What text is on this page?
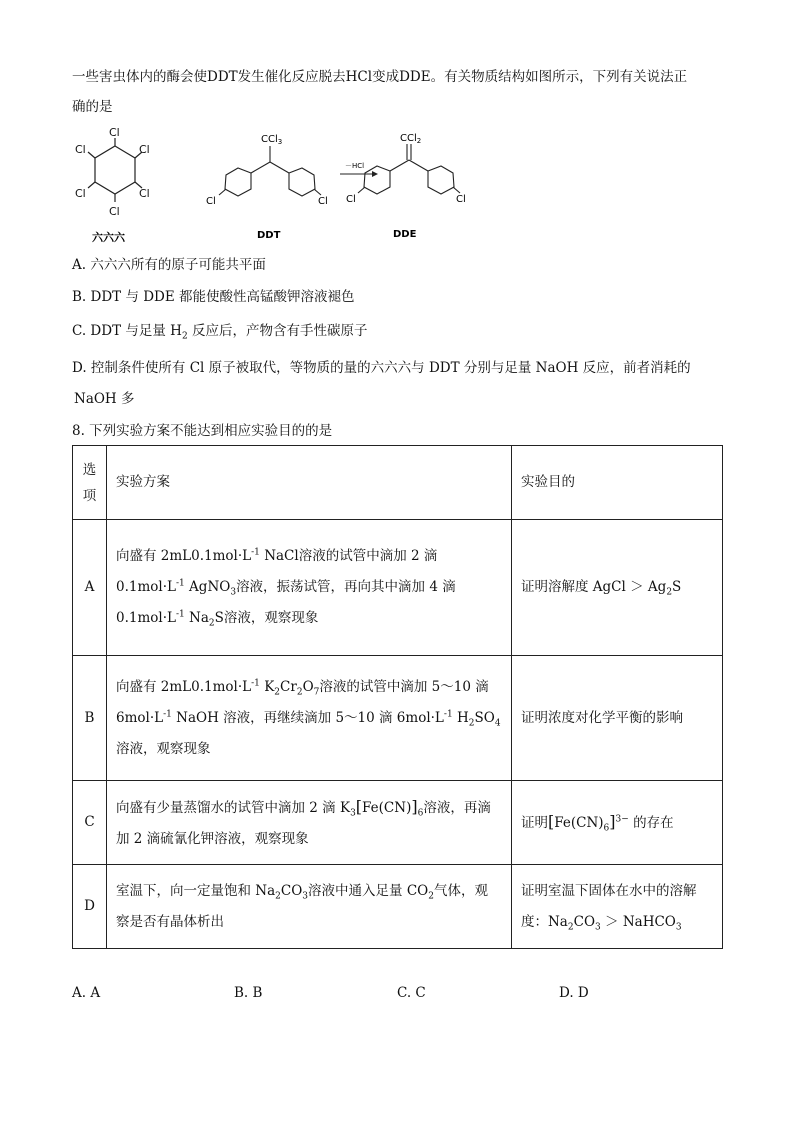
一些害虫体内的酶会使DDT发生催化反应脱去HCl变成DDE。有关物质结构如图所示，下列有关说法正
确的是
Cl
Cl
Cl
Cl
Cl
Cl
六六六
CCl$_3$
Cl	Cl
DDT
－HCl
CCl$_2$
Cl	Cl
DDE
A. 六六六所有的原子可能共平面
B. DDT 与 DDE 都能使酸性高锰酸钾溶液褪色
C. DDT 与足量 $H_2$ 反应后，产物含有手性碳原子
D. 控制条件使所有 Cl 原子被取代，等物质的量的六六六与 DDT 分别与足量 NaOH 反应，前者消耗的
NaOH 多
8. 下列实验方案不能达到相应实验目的的是
选
项	实验方案	实验目的
A	向盛有 $2mL0.1mol\cdot L^{-1}$ NaCl溶液的试管中滴加 2 滴
$0.1mol\cdot L^{-1}$ AgNO$_3$溶液，振荡试管，再向其中滴加 4 滴
$0.1mol\cdot L^{-1}$ $Na_2S$溶液，观察现象	证明溶解度 AgCl ＞ $Ag_2S$
B	向盛有 $2mL0.1mol\cdot L^{-1}$ $K_2Cr_2O_7$溶液的试管中滴加 5～10 滴
$6mol\cdot L^{-1}$ NaOH 溶液，再继续滴加 5～10 滴 $6mol\cdot L^{-1}$ $H_2SO_4$
溶液，观察现象	证明浓度对化学平衡的影响
C	向盛有少量蒸馏水的试管中滴加 2 滴 $K_3[Fe(CN)]_6$溶液，再滴
加 2 滴硫氰化钾溶液，观察现象	证明$[Fe(CN)_6]^{3-}$ 的存在
D	室温下，向一定量饱和 $Na_2CO_3$溶液中通入足量 $CO_2$气体，观
察是否有晶体析出	证明室温下固体在水中的溶解
度：$Na_2CO_3$ ＞ NaHCO$_3$
A. A	B. B	C. C	D. D
